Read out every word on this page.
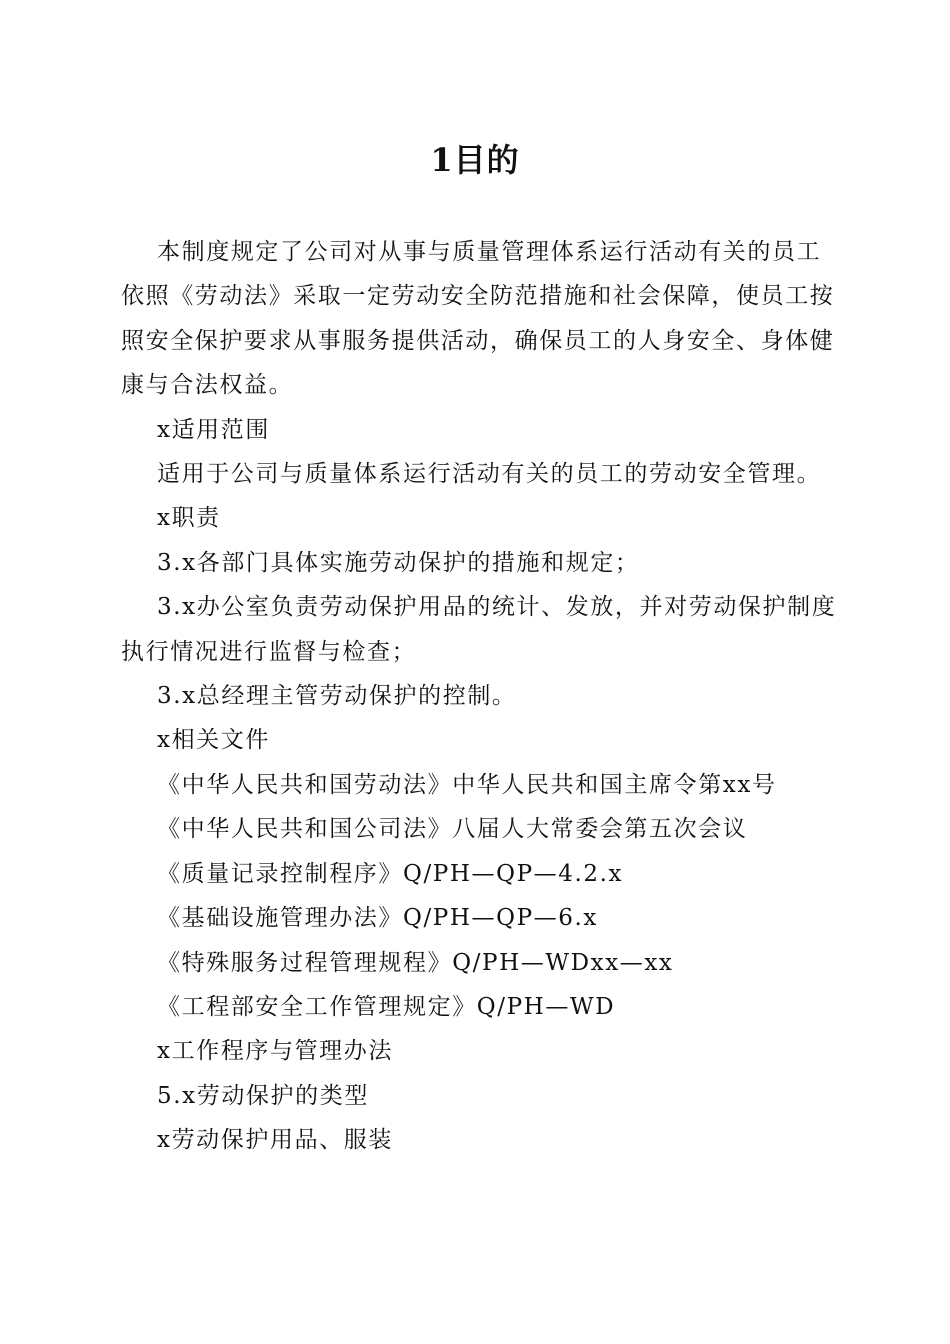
1目的

本制度规定了公司对从事与质量管理体系运行活动有关的员工依照《劳动法》采取一定劳动安全防范措施和社会保障，使员工按照安全保护要求从事服务提供活动，确保员工的人身安全、身体健康与合法权益。

x适用范围
适用于公司与质量体系运行活动有关的员工的劳动安全管理。
x职责
3.x各部门具体实施劳动保护的措施和规定；

3.x办公室负责劳动保护用品的统计、发放，并对劳动保护制度执行情况进行监督与检查；

3.x总经理主管劳动保护的控制。
x相关文件
《中华人民共和国劳动法》中华人民共和国主席令第xx号
《中华人民共和国公司法》八届人大常委会第五次会议
《质量记录控制程序》Q/PH—QP—4.2.x
《基础设施管理办法》Q/PH—QP—6.x
《特殊服务过程管理规程》Q/PH—WDxx—xx
《工程部安全工作管理规定》Q/PH—WD
x工作程序与管理办法
5.x劳动保护的类型
x劳动保护用品、服装
